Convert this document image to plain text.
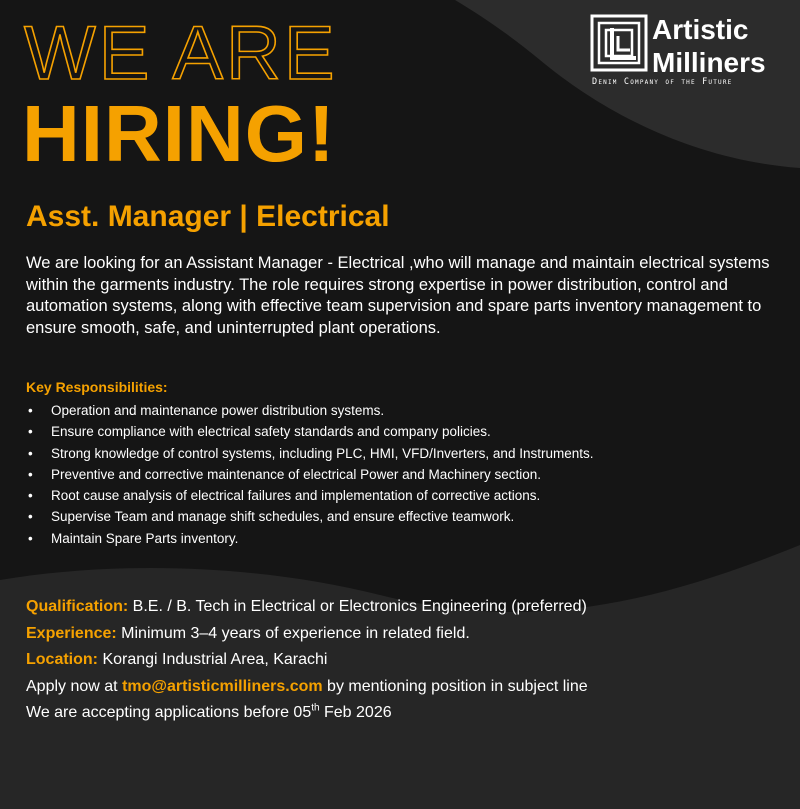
Artistic
Milliners
Denim Company of the Future
WE ARE
HIRING!
Asst. Manager | Electrical
We are looking for an Assistant Manager - Electrical ,who will manage and maintain electrical systems within the garments industry. The role requires strong expertise in power distribution, control and automation systems, along with effective team supervision and spare parts inventory management to ensure smooth, safe, and uninterrupted plant operations.
Key Responsibilities:
• Operation and maintenance power distribution systems.
• Ensure compliance with electrical safety standards and company policies.
• Strong knowledge of control systems, including PLC, HMI, VFD/Inverters, and Instruments.
• Preventive and corrective maintenance of electrical Power and Machinery section.
• Root cause analysis of electrical failures and implementation of corrective actions.
• Supervise Team and manage shift schedules, and ensure effective teamwork.
• Maintain Spare Parts inventory.
Qualification: B.E. / B. Tech in Electrical or Electronics Engineering (preferred)
Experience: Minimum 3–4 years of experience in related field.
Location: Korangi Industrial Area, Karachi
Apply now at tmo@artisticmilliners.com by mentioning position in subject line
We are accepting applications before 05th Feb 2026
